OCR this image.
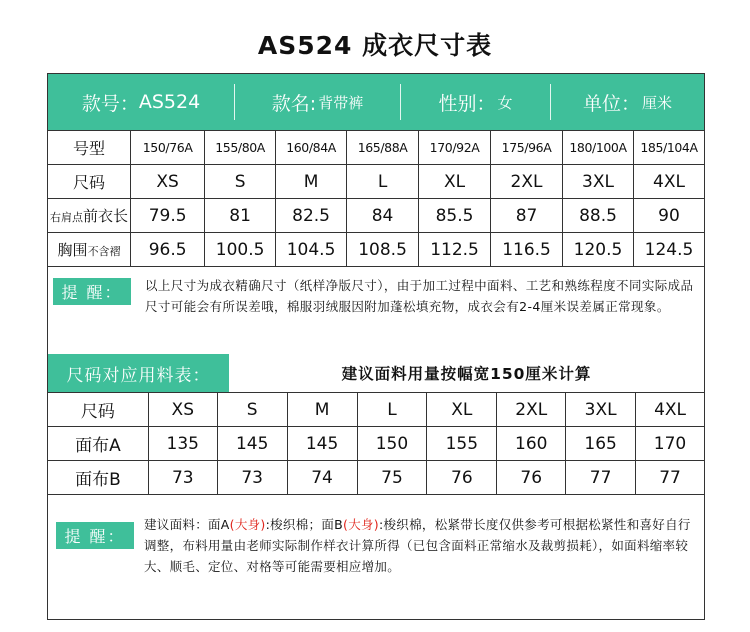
AS524 成衣尺寸表
款号： AS524	款名: 背带裤	性别： 女	单位： 厘米
号型	150/76A	155/80A	160/84A	165/88A	170/92A	175/96A	180/100A	185/104A
尺码	XS	S	M	L	XL	2XL	3XL	4XL
右肩点前衣长	79.5	81	82.5	84	85.5	87	88.5	90
胸围不含褶	96.5	100.5	104.5	108.5	112.5	116.5	120.5	124.5
提 醒：	以上尺寸为成衣精确尺寸（纸样净版尺寸），由于加工过程中面料、工艺和熟练程度不同实际成品尺寸可能会有所误差哦，棉服羽绒服因附加蓬松填充物，成衣会有2-4厘米误差属正常现象。
尺码对应用料表：	建议面料用量按幅宽150厘米计算
尺码	XS	S	M	L	XL	2XL	3XL	4XL
面布A	135	145	145	150	155	160	165	170
面布B	73	73	74	75	76	76	77	77
提 醒：
建议面料：面A(大身):梭织棉；面B(大身):梭织棉，松紧带长度仅供参考可根据松紧性和喜好自行调整，布料用量由老师实际制作样衣计算所得（已包含面料正常缩水及裁剪损耗），如面料缩率较大、顺毛、定位、对格等可能需要相应增加。
